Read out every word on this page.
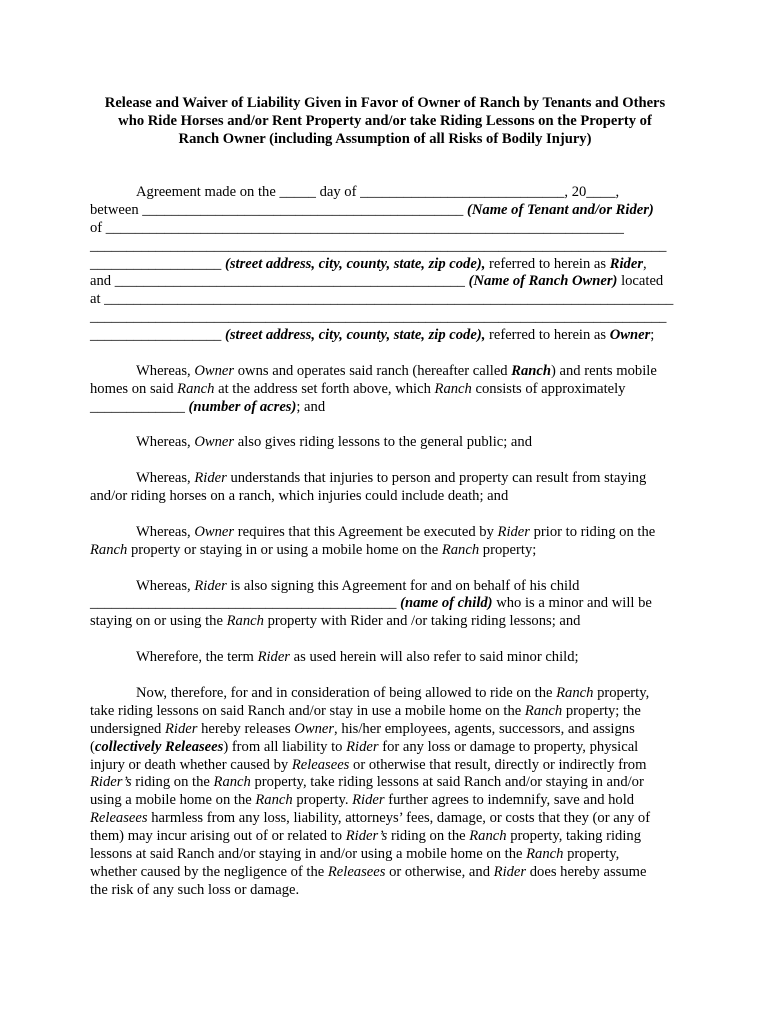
Release and Waiver of Liability Given in Favor of Owner of Ranch by Tenants and Others
who Ride Horses and/or Rent Property and/or take Riding Lessons on the Property of
Ranch Owner (including Assumption of all Risks of Bodily Injury)
Agreement made on the _____ day of ____________________________, 20____,
between ____________________________________________ (Name of Tenant and/or Rider)
of _______________________________________________________________________
_______________________________________________________________________________
__________________ (street address, city, county, state, zip code), referred to herein as Rider,
and ________________________________________________ (Name of Ranch Owner) located
at ______________________________________________________________________________
_______________________________________________________________________________
__________________ (street address, city, county, state, zip code), referred to herein as Owner;
Whereas, Owner owns and operates said ranch (hereafter called Ranch) and rents mobile
homes on said Ranch at the address set forth above, which Ranch consists of approximately
_____________ (number of acres); and
Whereas, Owner also gives riding lessons to the general public; and
Whereas, Rider understands that injuries to person and property can result from staying
and/or riding horses on a ranch, which injuries could include death; and
Whereas, Owner requires that this Agreement be executed by Rider prior to riding on the
Ranch property or staying in or using a mobile home on the Ranch property;
Whereas, Rider is also signing this Agreement for and on behalf of his child
__________________________________________ (name of child) who is a minor and will be
staying on or using the Ranch property with Rider and /or taking riding lessons; and
Wherefore, the term Rider as used herein will also refer to said minor child;
Now, therefore, for and in consideration of being allowed to ride on the Ranch property,
take riding lessons on said Ranch and/or stay in use a mobile home on the Ranch property; the
undersigned Rider hereby releases Owner, his/her employees, agents, successors, and assigns
(collectively Releasees) from all liability to Rider for any loss or damage to property, physical
injury or death whether caused by Releasees or otherwise that result, directly or indirectly from
Rider’s riding on the Ranch property, take riding lessons at said Ranch and/or staying in and/or
using a mobile home on the Ranch property. Rider further agrees to indemnify, save and hold
Releasees harmless from any loss, liability, attorneys’ fees, damage, or costs that they (or any of
them) may incur arising out of or related to Rider’s riding on the Ranch property, taking riding
lessons at said Ranch and/or staying in and/or using a mobile home on the Ranch property,
whether caused by the negligence of the Releasees or otherwise, and Rider does hereby assume
the risk of any such loss or damage.
